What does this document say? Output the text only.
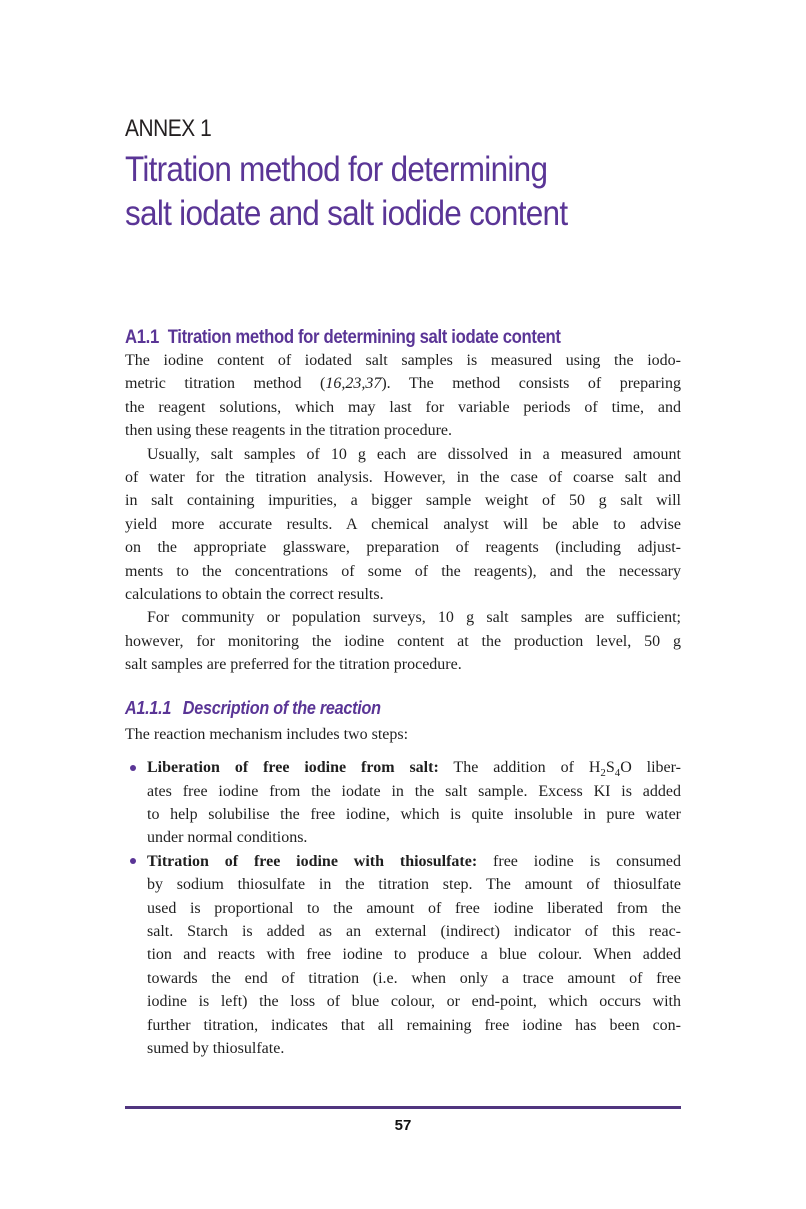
ANNEX 1
Titration method for determining
salt iodate and salt iodide content
A1.1 Titration method for determining salt iodate content
The iodine content of iodated salt samples is measured using the iodo-
metric titration method (16,23,37). The method consists of preparing
the reagent solutions, which may last for variable periods of time, and
then using these reagents in the titration procedure.
Usually, salt samples of 10 g each are dissolved in a measured amount
of water for the titration analysis. However, in the case of coarse salt and
in salt containing impurities, a bigger sample weight of 50 g salt will
yield more accurate results. A chemical analyst will be able to advise
on the appropriate glassware, preparation of reagents (including adjust-
ments to the concentrations of some of the reagents), and the necessary
calculations to obtain the correct results.
For community or population surveys, 10 g salt samples are sufficient;
however, for monitoring the iodine content at the production level, 50 g
salt samples are preferred for the titration procedure.
A1.1.1 Description of the reaction
The reaction mechanism includes two steps:
Liberation of free iodine from salt: The addition of $H_2S_4O$ liber-
ates free iodine from the iodate in the salt sample. Excess KI is added
to help solubilise the free iodine, which is quite insoluble in pure water
under normal conditions.
Titration of free iodine with thiosulfate: free iodine is consumed
by sodium thiosulfate in the titration step. The amount of thiosulfate
used is proportional to the amount of free iodine liberated from the
salt. Starch is added as an external (indirect) indicator of this reac-
tion and reacts with free iodine to produce a blue colour. When added
towards the end of titration (i.e. when only a trace amount of free
iodine is left) the loss of blue colour, or end-point, which occurs with
further titration, indicates that all remaining free iodine has been con-
sumed by thiosulfate.
57
